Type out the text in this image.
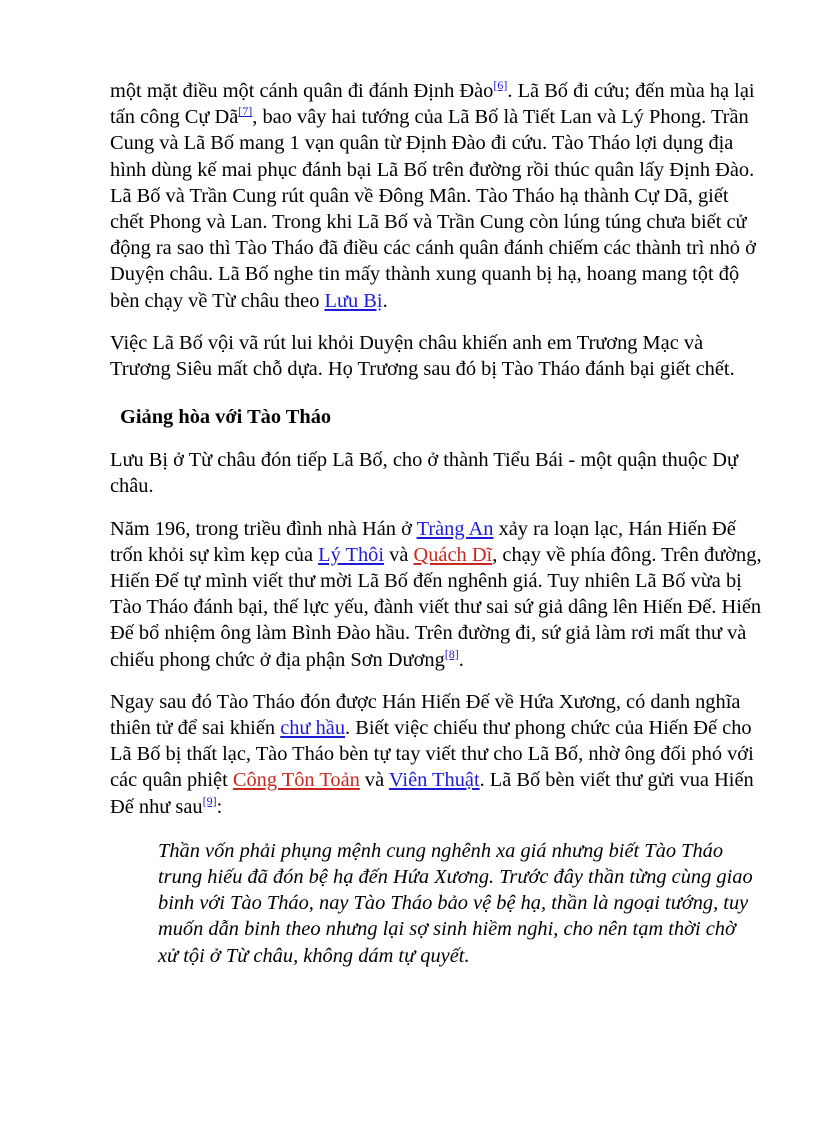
một mặt điều một cánh quân đi đánh Định Đào[6]. Lã Bố đi cứu; đến mùa hạ lại tấn công Cự Dã[7], bao vây hai tướng của Lã Bố là Tiết Lan và Lý Phong. Trần Cung và Lã Bố mang 1 vạn quân từ Định Đào đi cứu. Tào Tháo lợi dụng địa hình dùng kế mai phục đánh bại Lã Bố trên đường rồi thúc quân lấy Định Đào. Lã Bố và Trần Cung rút quân về Đông Mân. Tào Tháo hạ thành Cự Dã, giết chết Phong và Lan. Trong khi Lã Bố và Trần Cung còn lúng túng chưa biết cử động ra sao thì Tào Tháo đã điều các cánh quân đánh chiếm các thành trì nhỏ ở Duyện châu. Lã Bố nghe tin mấy thành xung quanh bị hạ, hoang mang tột độ bèn chạy về Từ châu theo Lưu Bị.

Việc Lã Bố vội vã rút lui khỏi Duyện châu khiến anh em Trương Mạc và Trương Siêu mất chỗ dựa. Họ Trương sau đó bị Tào Tháo đánh bại giết chết.

Giảng hòa với Tào Tháo

Lưu Bị ở Từ châu đón tiếp Lã Bố, cho ở thành Tiểu Bái - một quận thuộc Dự châu.

Năm 196, trong triều đình nhà Hán ở Tràng An xảy ra loạn lạc, Hán Hiến Đế trốn khỏi sự kìm kẹp của Lý Thôi và Quách Dĩ, chạy về phía đông. Trên đường, Hiến Đế tự mình viết thư mời Lã Bố đến nghênh giá. Tuy nhiên Lã Bố vừa bị Tào Tháo đánh bại, thế lực yếu, đành viết thư sai sứ giả dâng lên Hiến Đế. Hiến Đế bổ nhiệm ông làm Bình Đào hầu. Trên đường đi, sứ giả làm rơi mất thư và chiếu phong chức ở địa phận Sơn Dương[8].

Ngay sau đó Tào Tháo đón được Hán Hiến Đế về Hứa Xương, có danh nghĩa thiên tử để sai khiến chư hầu. Biết việc chiếu thư phong chức của Hiến Đế cho Lã Bố bị thất lạc, Tào Tháo bèn tự tay viết thư cho Lã Bố, nhờ ông đối phó với các quân phiệt Công Tôn Toản và Viên Thuật. Lã Bố bèn viết thư gửi vua Hiến Đế như sau[9]:

Thần vốn phải phụng mệnh cung nghênh xa giá nhưng biết Tào Tháo trung hiếu đã đón bệ hạ đến Hứa Xương. Trước đây thần từng cùng giao binh với Tào Tháo, nay Tào Tháo bảo vệ bệ hạ, thần là ngoại tướng, tuy muốn dẫn binh theo nhưng lại sợ sinh hiềm nghi, cho nên tạm thời chờ xử tội ở Từ châu, không dám tự quyết.
